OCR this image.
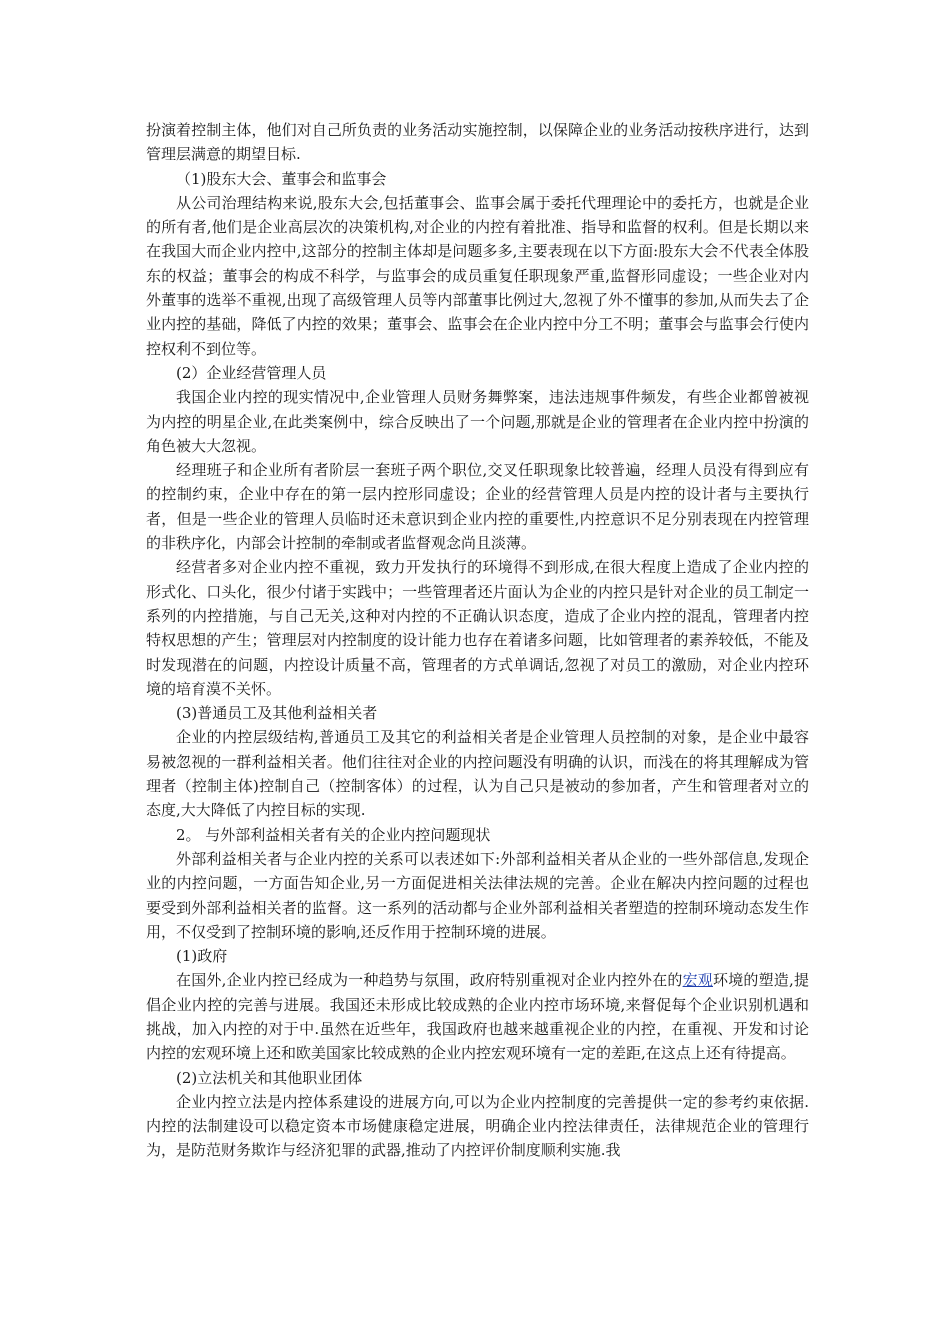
扮演着控制主体，他们对自己所负责的业务活动实施控制，以保障企业的业务活动按秩序进行，达到管理层满意的期望目标.

（1)股东大会、董事会和监事会

从公司治理结构来说,股东大会,包括董事会、监事会属于委托代理理论中的委托方，也就是企业的所有者,他们是企业高层次的决策机构,对企业的内控有着批准、指导和监督的权利。但是长期以来在我国大而企业内控中,这部分的控制主体却是问题多多,主要表现在以下方面:股东大会不代表全体股东的权益；董事会的构成不科学，与监事会的成员重复任职现象严重,监督形同虚设；一些企业对内外董事的选举不重视,出现了高级管理人员等内部董事比例过大,忽视了外不懂事的参加,从而失去了企业内控的基础，降低了内控的效果；董事会、监事会在企业内控中分工不明；董事会与监事会行使内控权利不到位等。

(2）企业经营管理人员

我国企业内控的现实情况中,企业管理人员财务舞弊案，违法违规事件频发，有些企业都曾被视为内控的明星企业,在此类案例中，综合反映出了一个问题,那就是企业的管理者在企业内控中扮演的角色被大大忽视。

经理班子和企业所有者阶层一套班子两个职位,交叉任职现象比较普遍，经理人员没有得到应有的控制约束，企业中存在的第一层内控形同虚设；企业的经营管理人员是内控的设计者与主要执行者，但是一些企业的管理人员临时还未意识到企业内控的重要性,内控意识不足分别表现在内控管理的非秩序化，内部会计控制的牵制或者监督观念尚且淡薄。

经营者多对企业内控不重视，致力开发执行的环境得不到形成,在很大程度上造成了企业内控的形式化、口头化，很少付诸于实践中；一些管理者还片面认为企业的内控只是针对企业的员工制定一系列的内控措施，与自己无关,这种对内控的不正确认识态度，造成了企业内控的混乱，管理者内控特权思想的产生；管理层对内控制度的设计能力也存在着诸多问题，比如管理者的素养较低，不能及时发现潜在的问题，内控设计质量不高，管理者的方式单调话,忽视了对员工的激励，对企业内控环境的培育漠不关怀。

(3)普通员工及其他利益相关者

企业的内控层级结构,普通员工及其它的利益相关者是企业管理人员控制的对象，是企业中最容易被忽视的一群利益相关者。他们往往对企业的内控问题没有明确的认识，而浅在的将其理解成为管理者（控制主体)控制自己（控制客体）的过程，认为自己只是被动的参加者，产生和管理者对立的态度,大大降低了内控目标的实现.

2。 与外部利益相关者有关的企业内控问题现状

外部利益相关者与企业内控的关系可以表述如下:外部利益相关者从企业的一些外部信息,发现企业的内控问题，一方面告知企业,另一方面促进相关法律法规的完善。企业在解决内控问题的过程也要受到外部利益相关者的监督。这一系列的活动都与企业外部利益相关者塑造的控制环境动态发生作用，不仅受到了控制环境的影响,还反作用于控制环境的进展。

(1)政府

在国外,企业内控已经成为一种趋势与氛围，政府特别重视对企业内控外在的宏观环境的塑造,提倡企业内控的完善与进展。我国还未形成比较成熟的企业内控市场环境,来督促每个企业识别机遇和挑战，加入内控的对于中.虽然在近些年，我国政府也越来越重视企业的内控，在重视、开发和讨论内控的宏观环境上还和欧美国家比较成熟的企业内控宏观环境有一定的差距,在这点上还有待提高。

(2)立法机关和其他职业团体

企业内控立法是内控体系建设的进展方向,可以为企业内控制度的完善提供一定的参考约束依据.内控的法制建设可以稳定资本市场健康稳定进展，明确企业内控法律责任，法律规范企业的管理行为，是防范财务欺诈与经济犯罪的武器,推动了内控评价制度顺利实施.我
